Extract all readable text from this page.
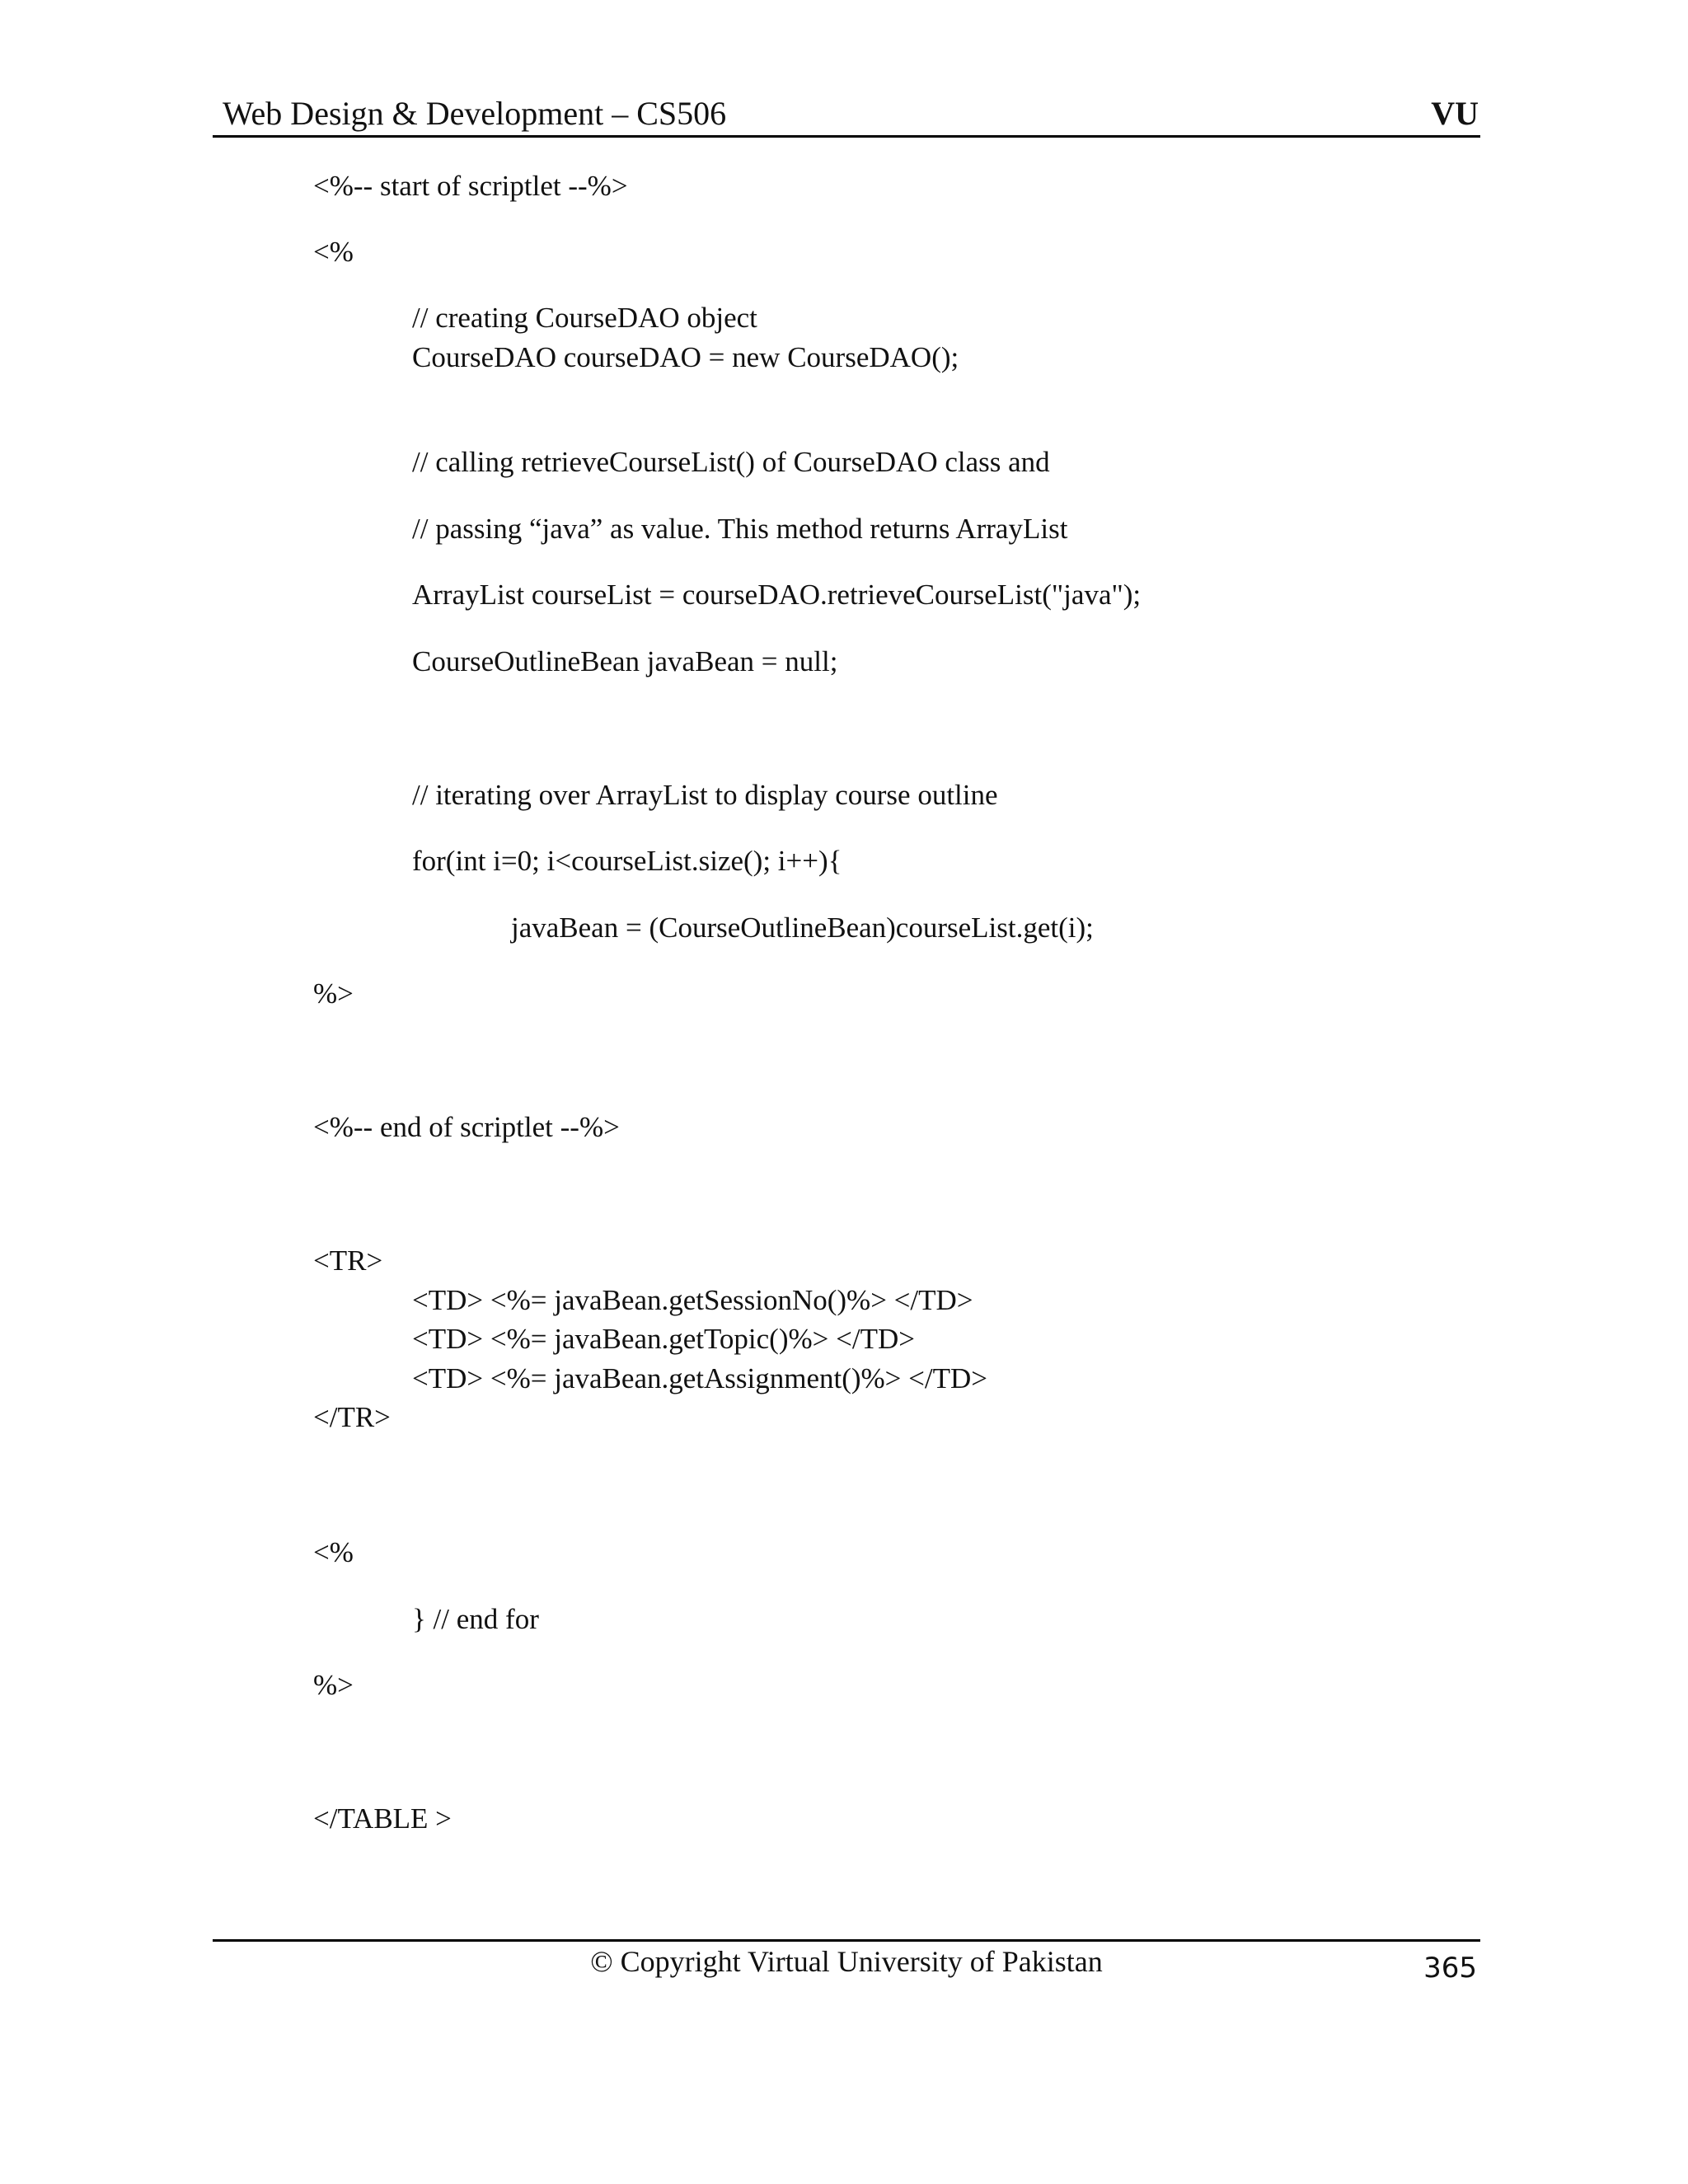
Web Design & Development – CS506	VU
<%-- start of scriptlet --%>
<%
// creating CourseDAO object
CourseDAO courseDAO = new CourseDAO();
// calling retrieveCourseList() of CourseDAO class and
// passing “java” as value. This method returns ArrayList
ArrayList courseList = courseDAO.retrieveCourseList("java");
CourseOutlineBean javaBean = null;
// iterating over ArrayList to display course outline
for(int i=0; i<courseList.size(); i++){
javaBean = (CourseOutlineBean)courseList.get(i);
%>
<%-- end of scriptlet --%>
<TR>
<TD> <%= javaBean.getSessionNo()%> </TD>
<TD> <%= javaBean.getTopic()%> </TD>
<TD> <%= javaBean.getAssignment()%> </TD>
</TR>
<%
} // end for
%>
</TABLE >
© Copyright Virtual University of Pakistan	365
